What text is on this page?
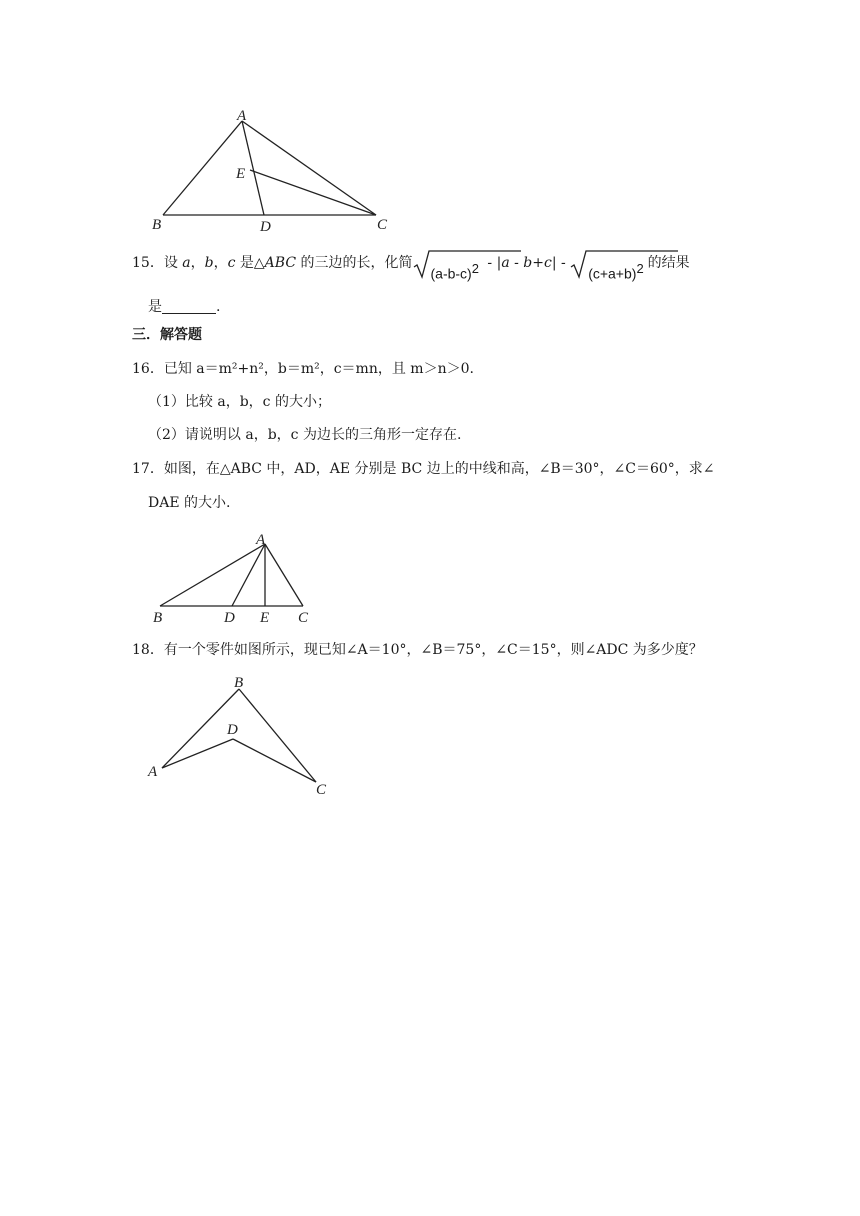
A
E
B	D	C
15．设 a，b，c 是△ABC 的三边的长，化简
$(a-b-c)^2 - |a - b+c|$ -
$(c+a+b)^2$ 的结果
是	.
三．解答题
16．已知 a＝m²+n²，b＝m²，c＝mn，且 m＞n＞0.
（1）比较 a，b，c 的大小；
（2）请说明以 a，b，c 为边长的三角形一定存在.
17．如图，在△ABC 中，AD，AE 分别是 BC 边上的中线和高，∠B＝30°，∠C＝60°，求∠
DAE 的大小.
A
B	D E C
18．有一个零件如图所示，现已知∠A＝10°，∠B＝75°，∠C＝15°，则∠ADC 为多少度？
B
D
A
C
